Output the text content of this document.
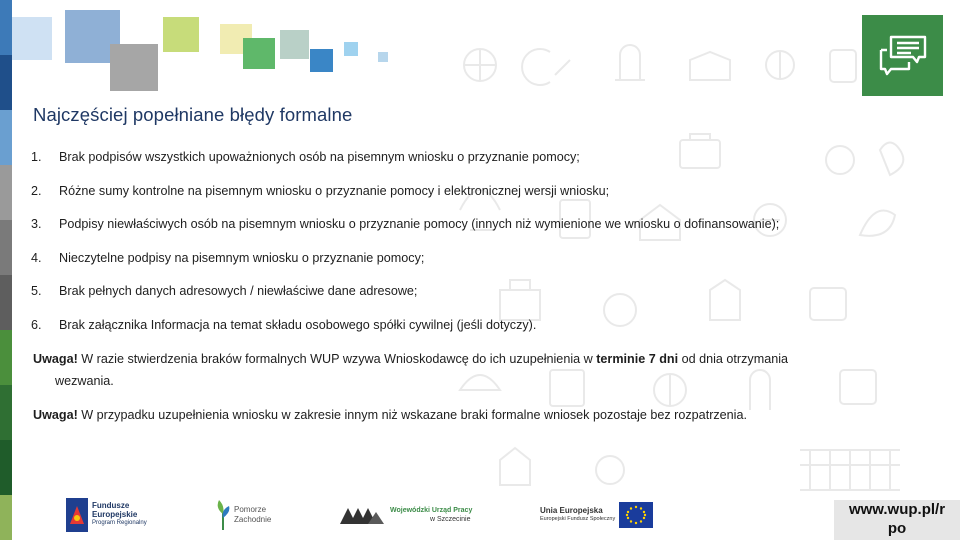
Najczęściej popełniane błędy formalne
1.	Brak podpisów wszystkich upoważnionych osób na pisemnym wniosku o przyznanie pomocy;
2.	Różne sumy kontrolne na pisemnym wniosku o przyznanie pomocy i elektronicznej wersji wniosku;
3.	Podpisy niewłaściwych osób na pisemnym wniosku o przyznanie pomocy (innych niż wymienione we wniosku o dofinansowanie);
4.	Nieczytelne podpisy na pisemnym wniosku o przyznanie pomocy;
5.	Brak pełnych danych adresowych / niewłaściwe dane adresowe;
6.	Brak załącznika Informacja na temat składu osobowego spółki cywilnej (jeśli dotyczy).
Uwaga! W razie stwierdzenia braków formalnych WUP wzywa Wnioskodawcę do ich uzupełnienia w terminie 7 dni od dnia otrzymania
wezwania.
Uwaga! W przypadku uzupełnienia wniosku w zakresie innym niż wskazane braki formalne wniosek pozostaje bez rozpatrzenia.
Fundusze
Europejskie
Program Regionalny
Pomorze
Zachodnie
Wojewódzki Urząd Pracy
w Szczecinie
Unia Europejska
Europejski Fundusz Społeczny
www.wup.pl/r
po
